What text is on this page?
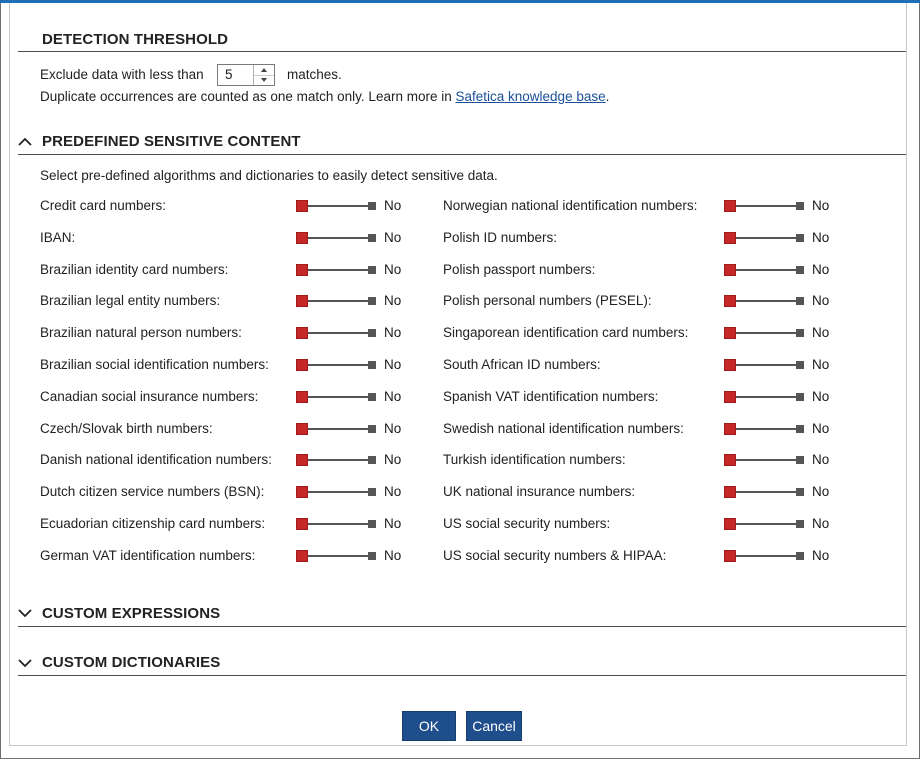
DETECTION THRESHOLD
Exclude data with less than 5	matches.
Duplicate occurrences are counted as one match only. Learn more in Safetica knowledge base.
PREDEFINED SENSITIVE CONTENT
Select pre-defined algorithms and dictionaries to easily detect sensitive data.
Credit card numbers:	No
IBAN:	No
Brazilian identity card numbers:	No
Brazilian legal entity numbers:	No
Brazilian natural person numbers:	No
Brazilian social identification numbers:	No
Canadian social insurance numbers:	No
Czech/Slovak birth numbers:	No
Danish national identification numbers:	No
Dutch citizen service numbers (BSN):	No
Ecuadorian citizenship card numbers:	No
German VAT identification numbers:	No
Norwegian national identification numbers:	No
Polish ID numbers:	No
Polish passport numbers:	No
Polish personal numbers (PESEL):	No
Singaporean identification card numbers:	No
South African ID numbers:	No
Spanish VAT identification numbers:	No
Swedish national identification numbers:	No
Turkish identification numbers:	No
UK national insurance numbers:	No
US social security numbers:	No
US social security numbers & HIPAA:	No
CUSTOM EXPRESSIONS
CUSTOM DICTIONARIES
OK	Cancel
